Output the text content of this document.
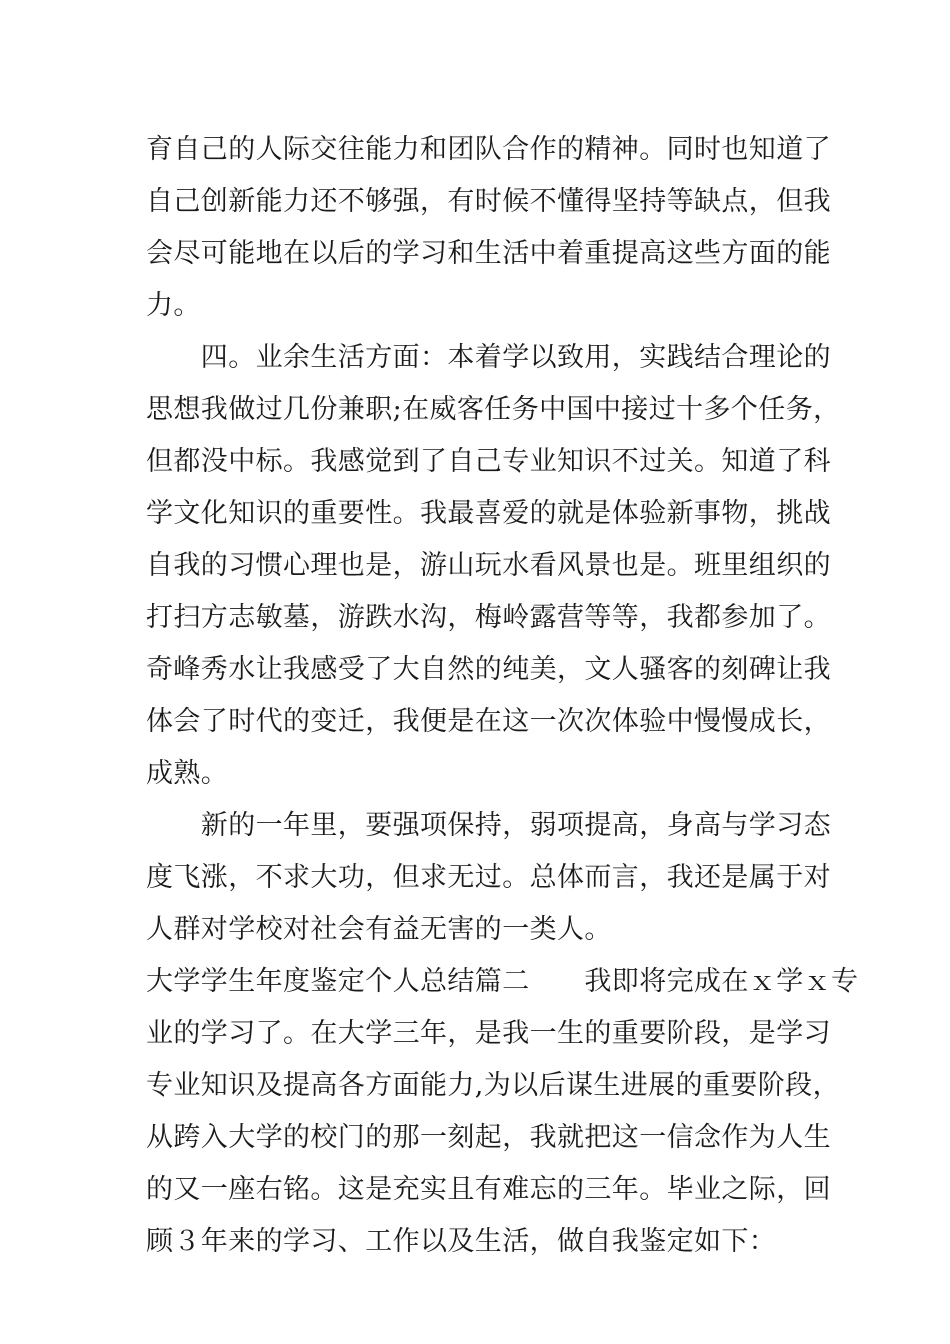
育自己的人际交往能力和团队合作的精神。同时也知道了
自己创新能力还不够强，有时候不懂得坚持等缺点，但我
会尽可能地在以后的学习和生活中着重提高这些方面的能
力。
　　四。业余生活方面：本着学以致用，实践结合理论的
思想我做过几份兼职;在威客任务中国中接过十多个任务，
但都没中标。我感觉到了自己专业知识不过关。知道了科
学文化知识的重要性。我最喜爱的就是体验新事物，挑战
自我的习惯心理也是，游山玩水看风景也是。班里组织的
打扫方志敏墓，游跌水沟，梅岭露营等等，我都参加了。
奇峰秀水让我感受了大自然的纯美，文人骚客的刻碑让我
体会了时代的变迁，我便是在这一次次体验中慢慢成长，
成熟。
　　新的一年里，要强项保持，弱项提高，身高与学习态
度飞涨，不求大功，但求无过。总体而言，我还是属于对
人群对学校对社会有益无害的一类人。
大学学生年度鉴定个人总结篇二　　我即将完成在ｘ学ｘ专
业的学习了。在大学三年，是我一生的重要阶段，是学习
专业知识及提高各方面能力,为以后谋生进展的重要阶段，
从跨入大学的校门的那一刻起，我就把这一信念作为人生
的又一座右铭。这是充实且有难忘的三年。毕业之际，回
顾３年来的学习、工作以及生活，做自我鉴定如下：
